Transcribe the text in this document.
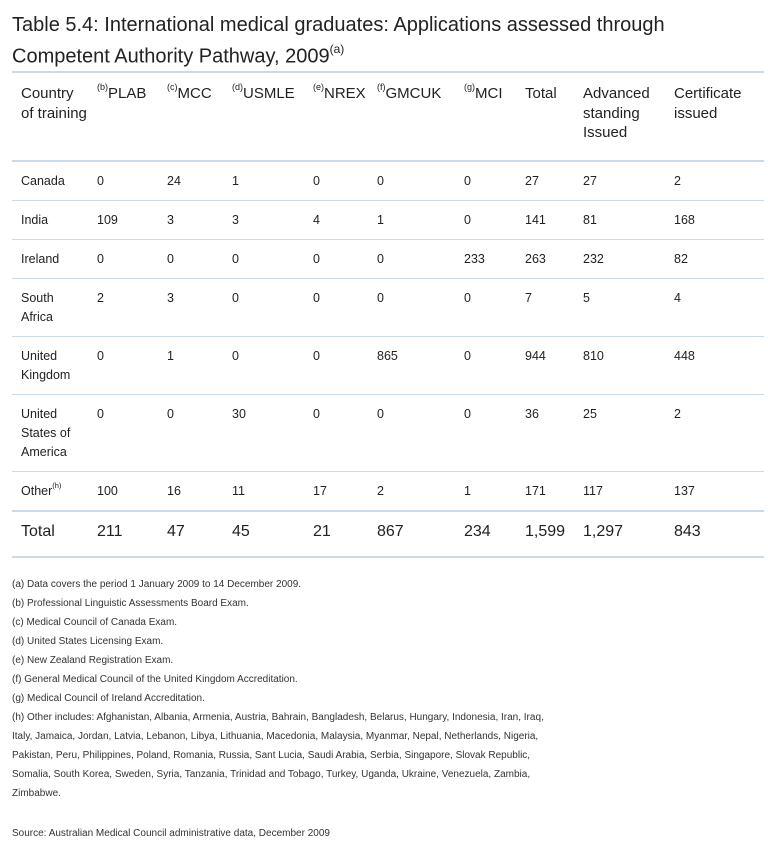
Table 5.4: International medical graduates: Applications assessed through Competent Authority Pathway, 2009$^{(a)}$
Country of training	$^{(b)}$PLAB	$^{(c)}$MCC	$^{(d)}$USMLE	$^{(e)}$NREX	$^{(f)}$GMCUK	$^{(g)}$MCI	Total	Advanced standing Issued	Certificate issued
Canada	0	24	1	0	0	0	27	27	2
India	109	3	3	4	1	0	141	81	168
Ireland	0	0	0	0	0	233	263	232	82
South Africa	2	3	0	0	0	0	7	5	4
United Kingdom	0	1	0	0	865	0	944	810	448
United States of America	0	0	30	0	0	0	36	25	2
Other$^{(h)}$	100	16	11	17	2	1	171	117	137
Total	211	47	45	21	867	234	1,599	1,297	843

(a) Data covers the period 1 January 2009 to 14 December 2009.

(b) Professional Linguistic Assessments Board Exam.

(c) Medical Council of Canada Exam.

(d) United States Licensing Exam.

(e) New Zealand Registration Exam.

(f) General Medical Council of the United Kingdom Accreditation.

(g) Medical Council of Ireland Accreditation.

(h) Other includes: Afghanistan, Albania, Armenia, Austria, Bahrain, Bangladesh, Belarus, Hungary, Indonesia, Iran, Iraq, Italy, Jamaica, Jordan, Latvia, Lebanon, Libya, Lithuania, Macedonia, Malaysia, Myanmar, Nepal, Netherlands, Nigeria, Pakistan, Peru, Philippines, Poland, Romania, Russia, Sant Lucia, Saudi Arabia, Serbia, Singapore, Slovak Republic, Somalia, South Korea, Sweden, Syria, Tanzania, Trinidad and Tobago, Turkey, Uganda, Ukraine, Venezuela, Zambia, Zimbabwe.

Source: Australian Medical Council administrative data, December 2009
